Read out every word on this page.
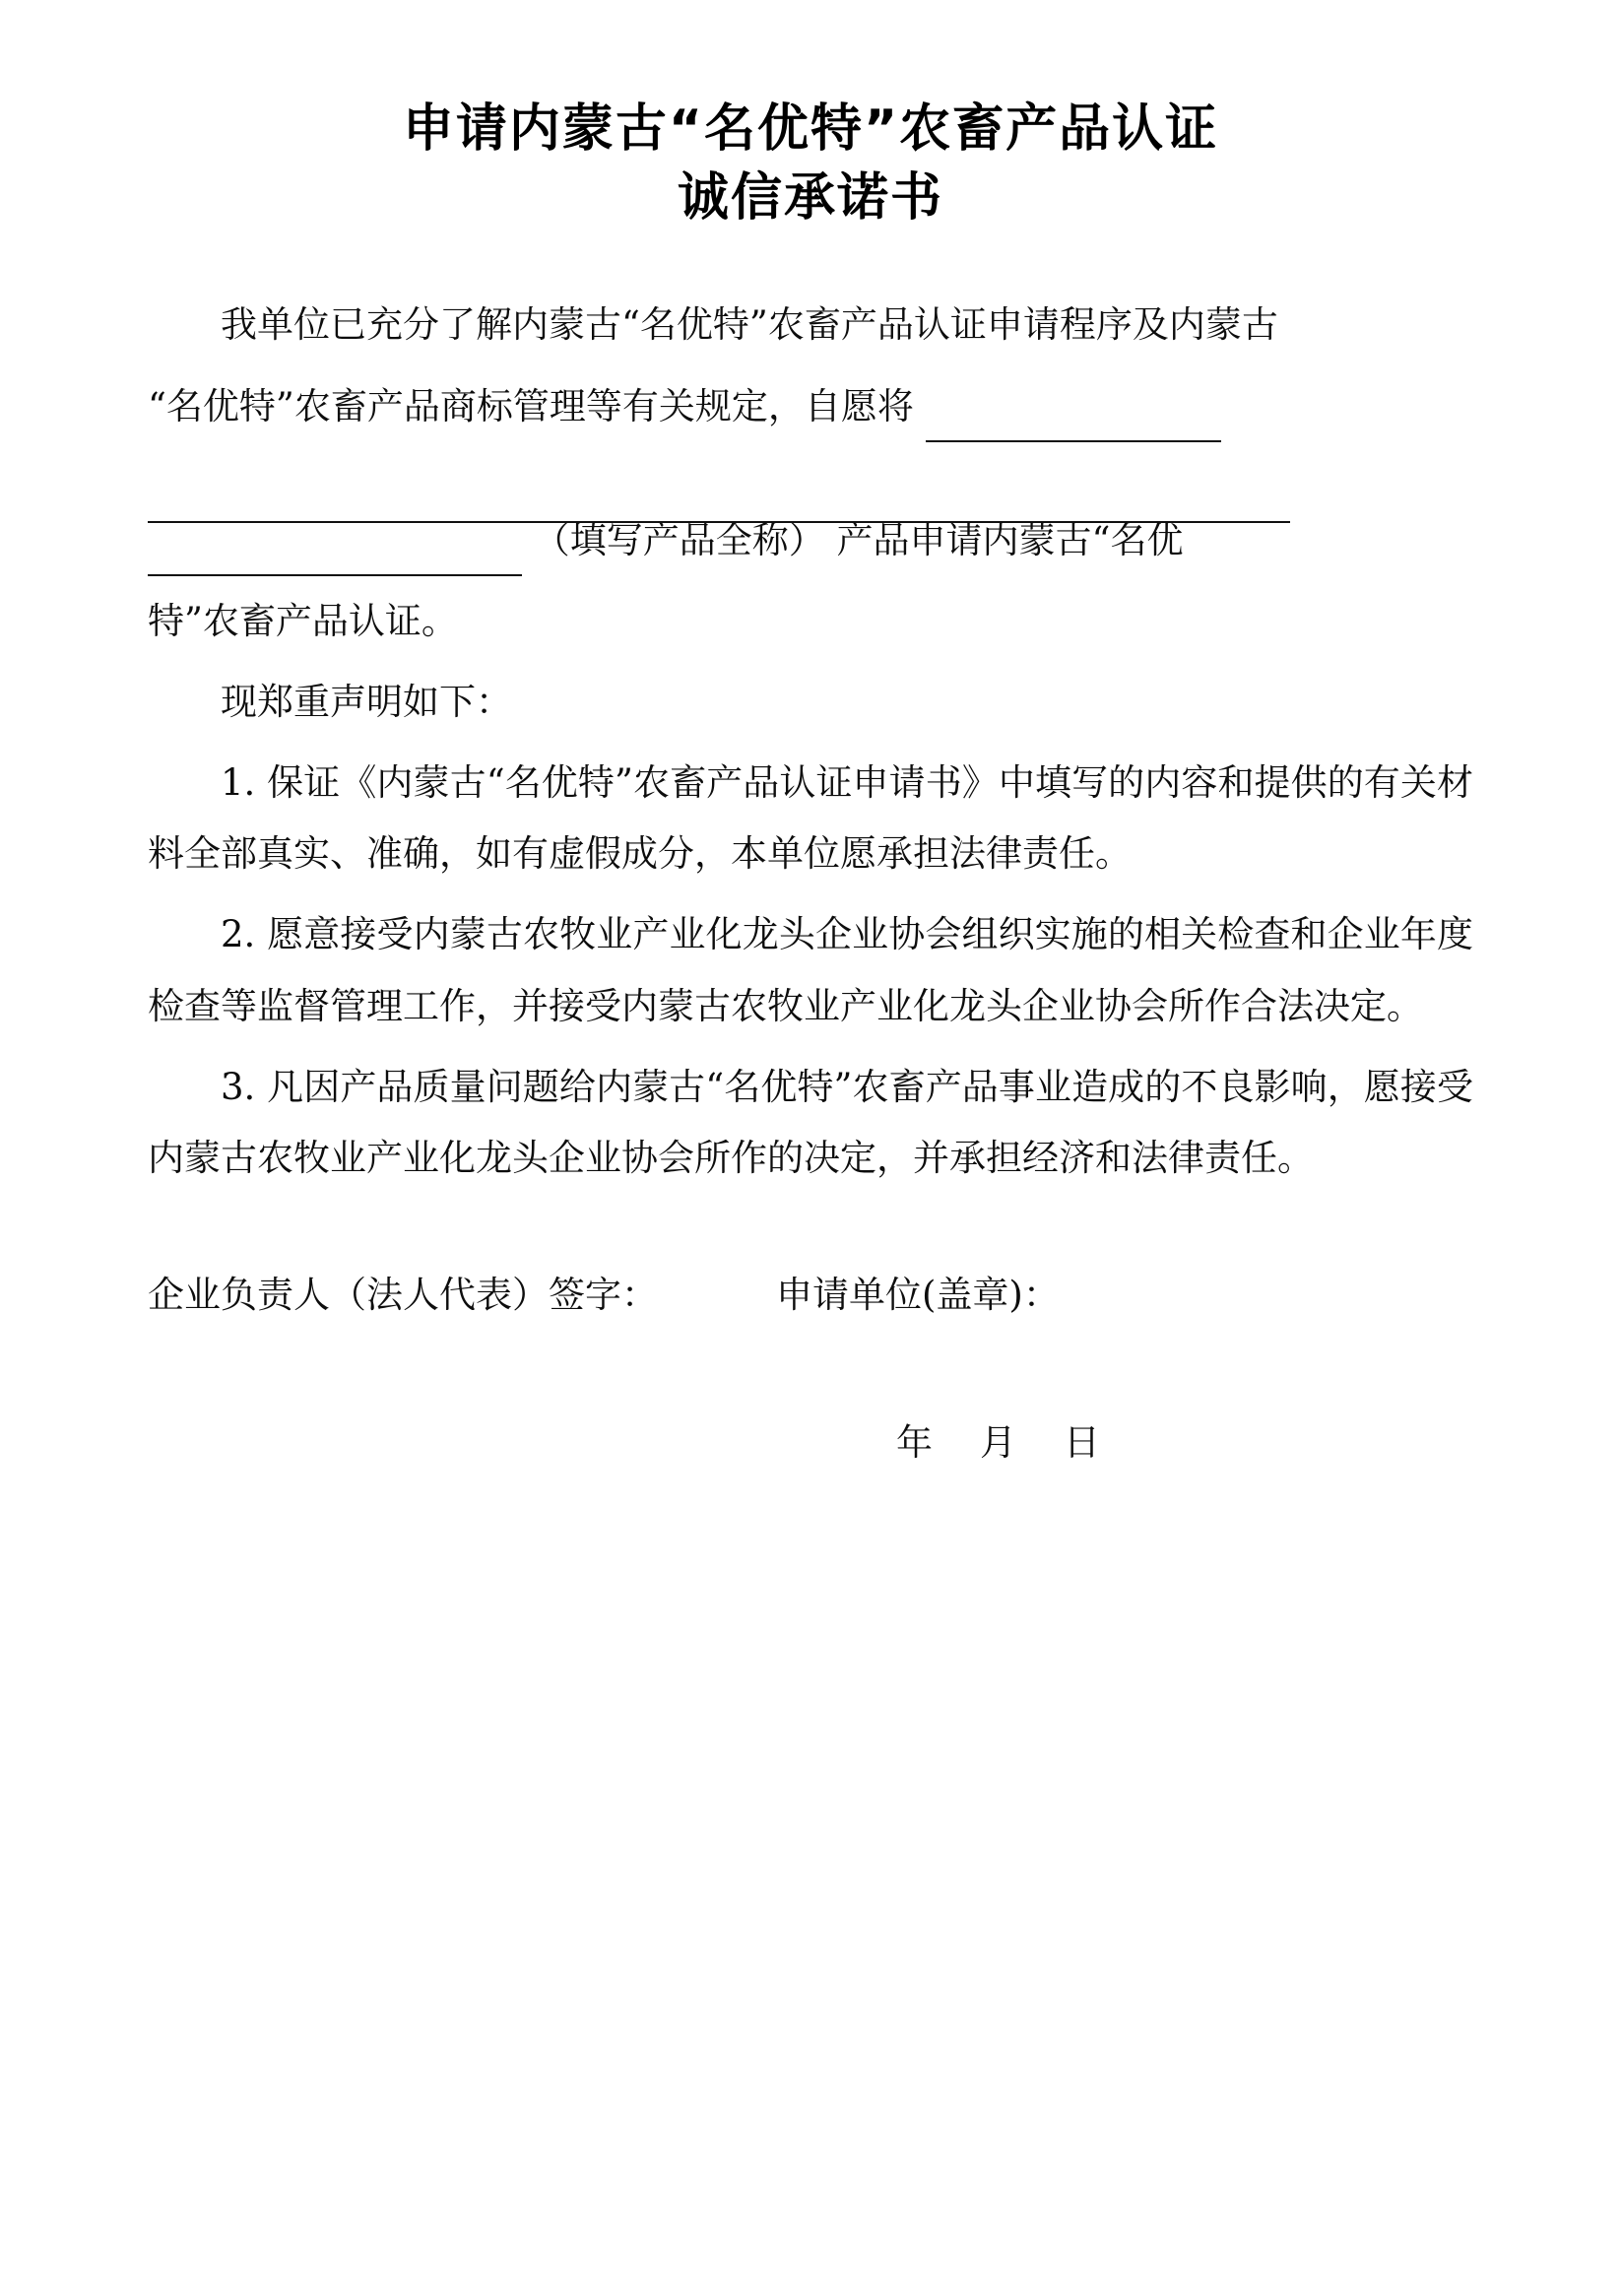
申请内蒙古“名优特”农畜产品认证
诚信承诺书

我单位已充分了解内蒙古“名优特”农畜产品认证申请程序及内蒙古

“名优特”农畜产品商标管理等有关规定，自愿将

（填写产品全称） 产品申请内蒙古“名优

特”农畜产品认证。

现郑重声明如下：

1. 保证《内蒙古“名优特”农畜产品认证申请书》中填写的内容和提供的有关材料全部真实、准确，如有虚假成分，本单位愿承担法律责任。

2. 愿意接受内蒙古农牧业产业化龙头企业协会组织实施的相关检查和企业年度检查等监督管理工作，并接受内蒙古农牧业产业化龙头企业协会所作合法决定。

3. 凡因产品质量问题给内蒙古“名优特”农畜产品事业造成的不良影响，愿接受内蒙古农牧业产业化龙头企业协会所作的决定，并承担经济和法律责任。

企业负责人（法人代表）签字：	申请单位(盖章)：
年 月 日
